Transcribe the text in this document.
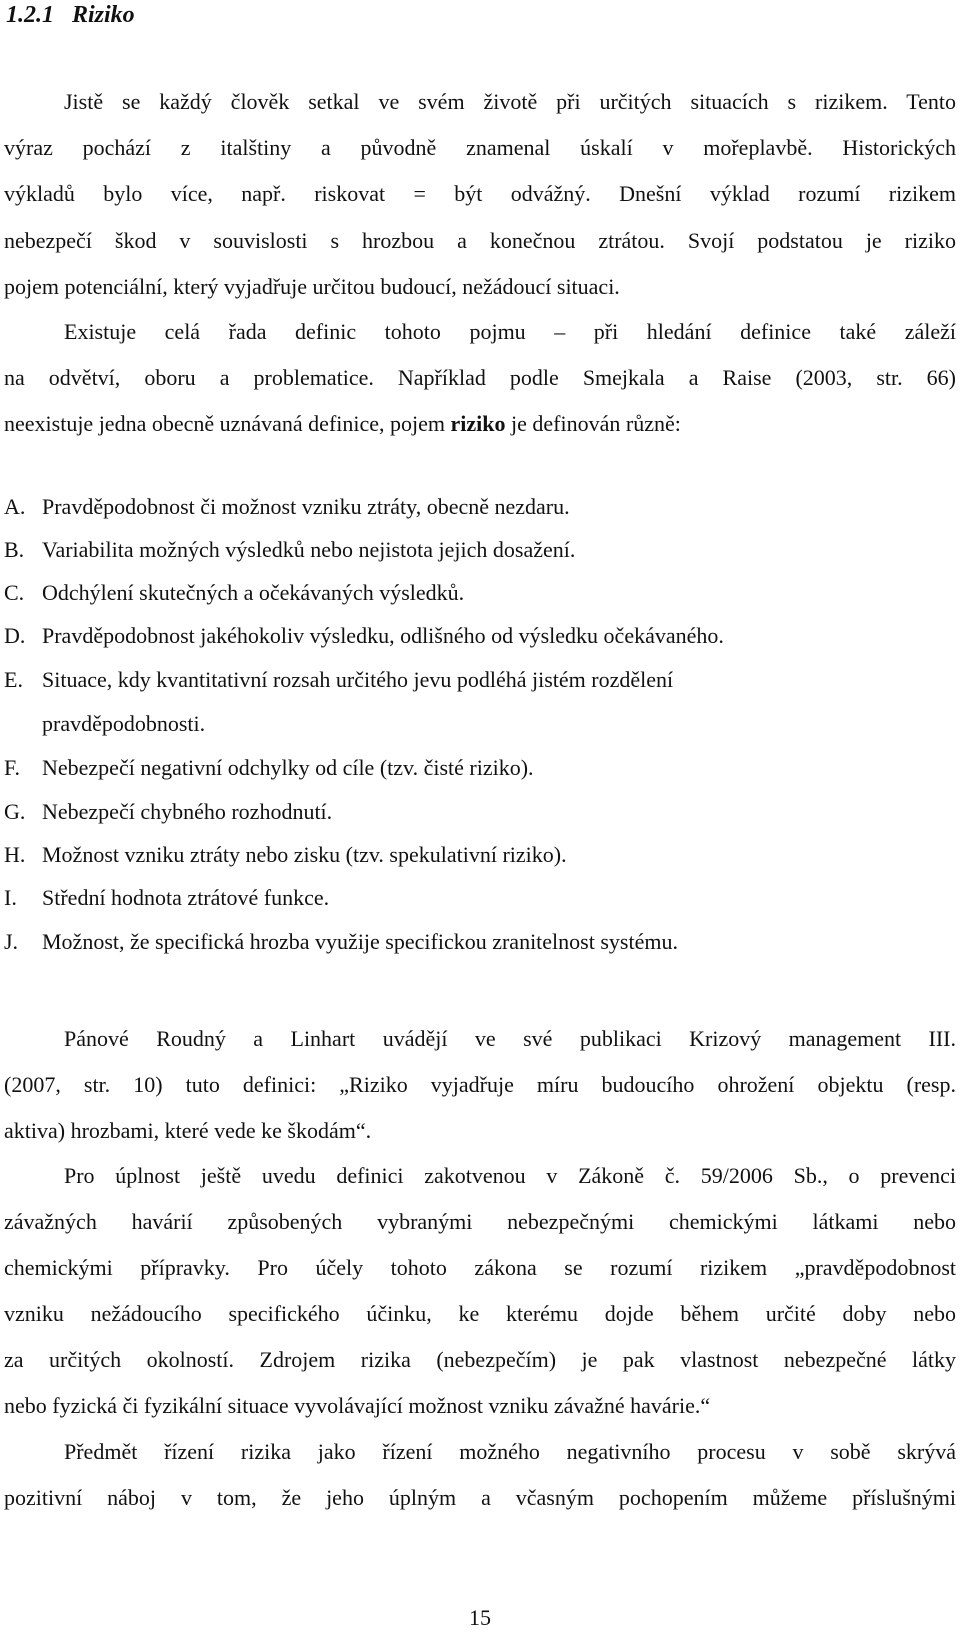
1.2.1 Riziko
Jistě se každý člověk setkal ve svém životě při určitých situacích s rizikem. Tento
výraz pochází z italštiny a původně znamenal úskalí v mořeplavbě. Historických
výkladů bylo více, např. riskovat = být odvážný. Dnešní výklad rozumí rizikem
nebezpečí škod v souvislosti s hrozbou a konečnou ztrátou. Svojí podstatou je riziko
pojem potenciální, který vyjadřuje určitou budoucí, nežádoucí situaci.
Existuje celá řada definic tohoto pojmu – při hledání definice také záleží
na odvětví, oboru a problematice. Například podle Smejkala a Raise (2003, str. 66)
neexistuje jedna obecně uznávaná definice, pojem riziko je definován různě:
A. Pravděpodobnost či možnost vzniku ztráty, obecně nezdaru.
B. Variabilita možných výsledků nebo nejistota jejich dosažení.
C. Odchýlení skutečných a očekávaných výsledků.
D. Pravděpodobnost jakéhokoliv výsledku, odlišného od výsledku očekávaného.
E. Situace, kdy kvantitativní rozsah určitého jevu podléhá jistém rozdělení
pravděpodobnosti.
F. Nebezpečí negativní odchylky od cíle (tzv. čisté riziko).
G. Nebezpečí chybného rozhodnutí.
H. Možnost vzniku ztráty nebo zisku (tzv. spekulativní riziko).
I. Střední hodnota ztrátové funkce.
J. Možnost, že specifická hrozba využije specifickou zranitelnost systému.
Pánové Roudný a Linhart uvádějí ve své publikaci Krizový management III.
(2007, str. 10) tuto definici: „Riziko vyjadřuje míru budoucího ohrožení objektu (resp.
aktiva) hrozbami, které vede ke škodám“.
Pro úplnost ještě uvedu definici zakotvenou v Zákoně č. 59/2006 Sb., o prevenci
závažných havárií způsobených vybranými nebezpečnými chemickými látkami nebo
chemickými přípravky. Pro účely tohoto zákona se rozumí rizikem „pravděpodobnost
vzniku nežádoucího specifického účinku, ke kterému dojde během určité doby nebo
za určitých okolností. Zdrojem rizika (nebezpečím) je pak vlastnost nebezpečné látky
nebo fyzická či fyzikální situace vyvolávající možnost vzniku závažné havárie.“
Předmět řízení rizika jako řízení možného negativního procesu v sobě skrývá
pozitivní náboj v tom, že jeho úplným a včasným pochopením můžeme příslušnými
15
